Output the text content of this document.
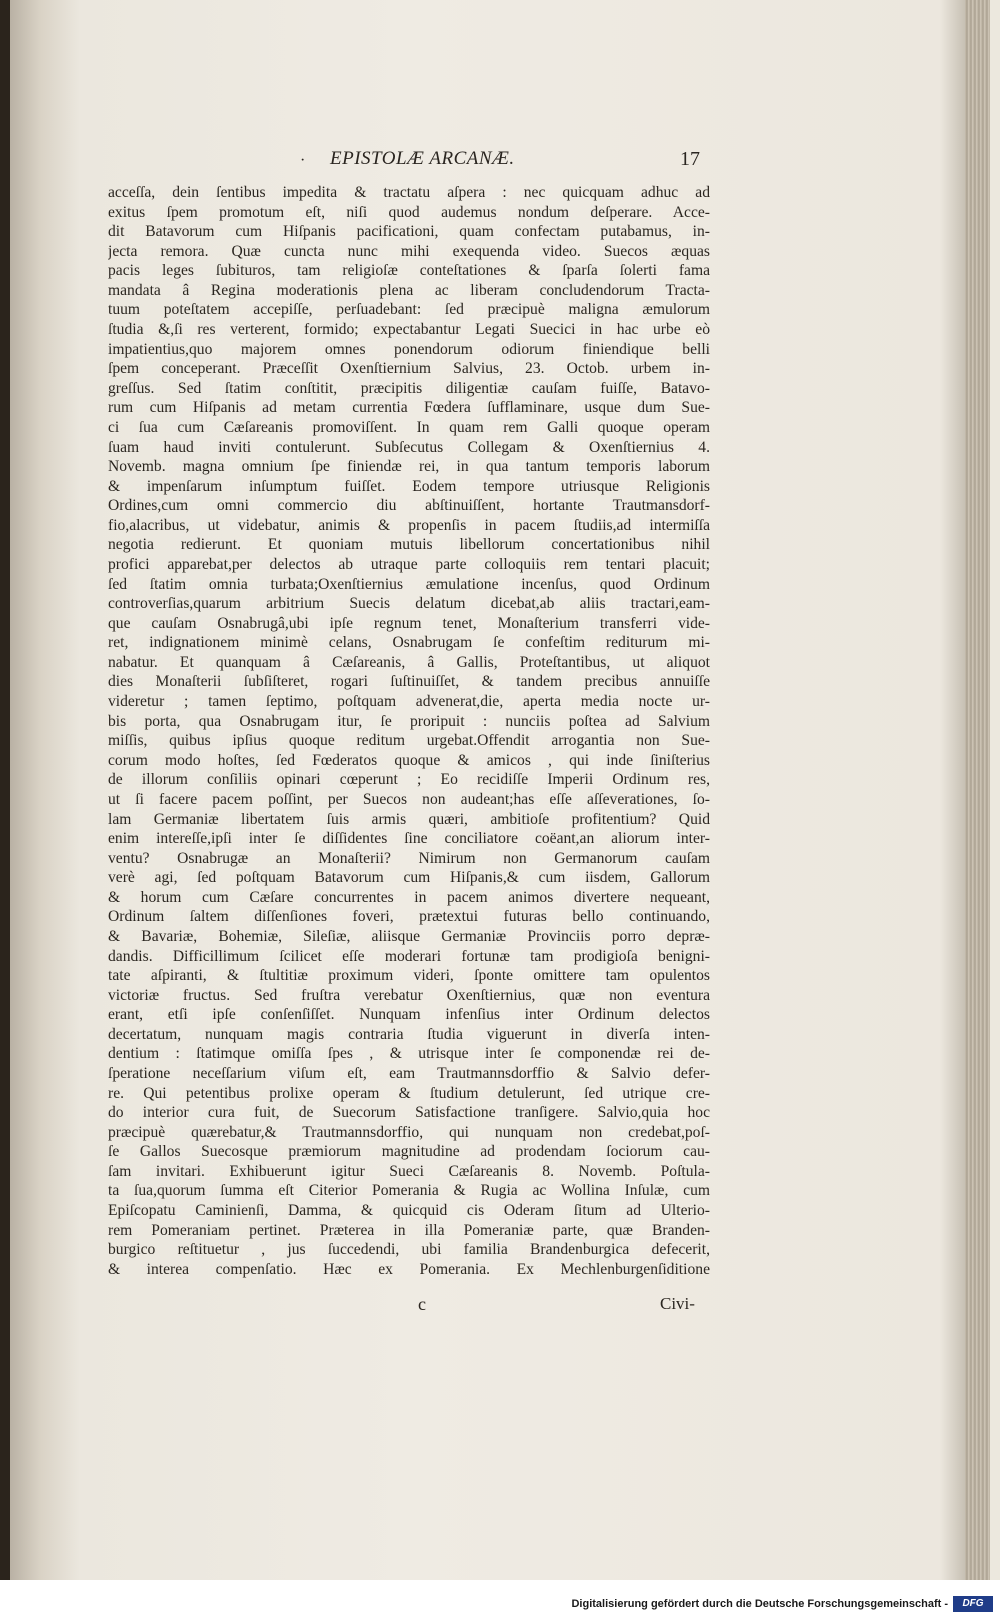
· EPISTOLÆ ARCANÆ.	17
acceſſa, dein ſentibus impedita & tractatu aſpera : nec quicquam adhuc ad
exitus ſpem promotum eſt, niſi quod audemus nondum deſperare. Acce-
dit Batavorum cum Hiſpanis pacificationi, quam confectam putabamus, in-
jecta remora. Quæ cuncta nunc mihi exequenda video. Suecos æquas
pacis leges ſubituros, tam religioſæ conteſtationes & ſparſa ſolerti fama
mandata â Regina moderationis plena ac liberam concludendorum Tracta-
tuum poteſtatem accepiſſe, perſuadebant: ſed præcipuè maligna æmulorum
ſtudia &,ſi res verterent, formido; expectabantur Legati Suecici in hac urbe eò
impatientius,quo majorem omnes ponendorum odiorum finiendique belli
ſpem conceperant. Præceſſit Oxenſtiernium Salvius, 23. Octob. urbem in-
greſſus. Sed ſtatim conſtitit, præcipitis diligentiæ cauſam fuiſſe, Batavo-
rum cum Hiſpanis ad metam currentia Fœdera ſufflaminare, usque dum Sue-
ci ſua cum Cæſareanis promoviſſent. In quam rem Galli quoque operam
ſuam haud inviti contulerunt. Subſecutus Collegam & Oxenſtiernius 4.
Novemb. magna omnium ſpe finiendæ rei, in qua tantum temporis laborum
& impenſarum inſumptum fuiſſet. Eodem tempore utriusque Religionis
Ordines,cum omni commercio diu abſtinuiſſent, hortante Trautmansdorf-
fio,alacribus, ut videbatur, animis & propenſis in pacem ſtudiis,ad intermiſſa
negotia redierunt. Et quoniam mutuis libellorum concertationibus nihil
profici apparebat,per delectos ab utraque parte colloquiis rem tentari placuit;
ſed ſtatim omnia turbata;Oxenſtiernius æmulatione incenſus, quod Ordinum
controverſias,quarum arbitrium Suecis delatum dicebat,ab aliis tractari,eam-
que cauſam Osnabrugâ,ubi ipſe regnum tenet, Monaſterium transferri vide-
ret, indignationem minimè celans, Osnabrugam ſe confeſtim rediturum mi-
nabatur. Et quanquam â Cæſareanis, â Gallis, Proteſtantibus, ut aliquot
dies Monaſterii ſubſiſteret, rogari ſuſtinuiſſet, & tandem precibus annuiſſe
videretur ; tamen ſeptimo, poſtquam advenerat,die, aperta media nocte ur-
bis porta, qua Osnabrugam itur, ſe proripuit : nunciis poſtea ad Salvium
miſſis, quibus ipſius quoque reditum urgebat.Offendit arrogantia non Sue-
corum modo hoſtes, ſed Fœderatos quoque & amicos , qui inde ſiniſterius
de illorum conſiliis opinari cœperunt ; Eo recidiſſe Imperii Ordinum res,
ut ſi facere pacem poſſint, per Suecos non audeant;has eſſe aſſeverationes, ſo-
lam Germaniæ libertatem ſuis armis quæri, ambitioſe profitentium? Quid
enim intereſſe,ipſi inter ſe diſſidentes ſine conciliatore coëant,an aliorum inter-
ventu? Osnabrugæ an Monaſterii? Nimirum non Germanorum cauſam
verè agi, ſed poſtquam Batavorum cum Hiſpanis,& cum iisdem, Gallorum
& horum cum Cæſare concurrentes in pacem animos divertere nequeant,
Ordinum ſaltem diſſenſiones foveri, prætextui futuras bello continuando,
& Bavariæ, Bohemiæ, Sileſiæ, aliisque Germaniæ Provinciis porro depræ-
dandis. Difficillimum ſcilicet eſſe moderari fortunæ tam prodigioſa benigni-
tate aſpiranti, & ſtultitiæ proximum videri, ſponte omittere tam opulentos
victoriæ fructus. Sed fruſtra verebatur Oxenſtiernius, quæ non eventura
erant, etſi ipſe conſenſiſſet. Nunquam infenſius inter Ordinum delectos
decertatum, nunquam magis contraria ſtudia viguerunt in diverſa inten-
dentium : ſtatimque omiſſa ſpes , & utrisque inter ſe componendæ rei de-
ſperatione neceſſarium viſum eſt, eam Trautmannsdorffio & Salvio defer-
re. Qui petentibus prolixe operam & ſtudium detulerunt, ſed utrique cre-
do interior cura fuit, de Suecorum Satisfactione tranſigere. Salvio,quia hoc
præcipuè quærebatur,& Trautmannsdorffio, qui nunquam non credebat,poſ-
ſe Gallos Suecosque præmiorum magnitudine ad prodendam ſociorum cau-
ſam invitari. Exhibuerunt igitur Sueci Cæſareanis 8. Novemb. Poſtula-
ta ſua,quorum ſumma eſt Citerior Pomerania & Rugia ac Wollina Inſulæ, cum
Epiſcopatu Caminienſi, Damma, & quicquid cis Oderam ſitum ad Ulterio-
rem Pomeraniam pertinet. Præterea in illa Pomeraniæ parte, quæ Branden-
burgico reſtituetur , jus ſuccedendi, ubi familia Brandenburgica defecerit,
& interea compenſatio. Hæc ex Pomerania. Ex Mechlenburgenſiditione
c	Civi-
Digitalisierung gefördert durch die Deutsche Forschungsgemeinschaft -	DFG
